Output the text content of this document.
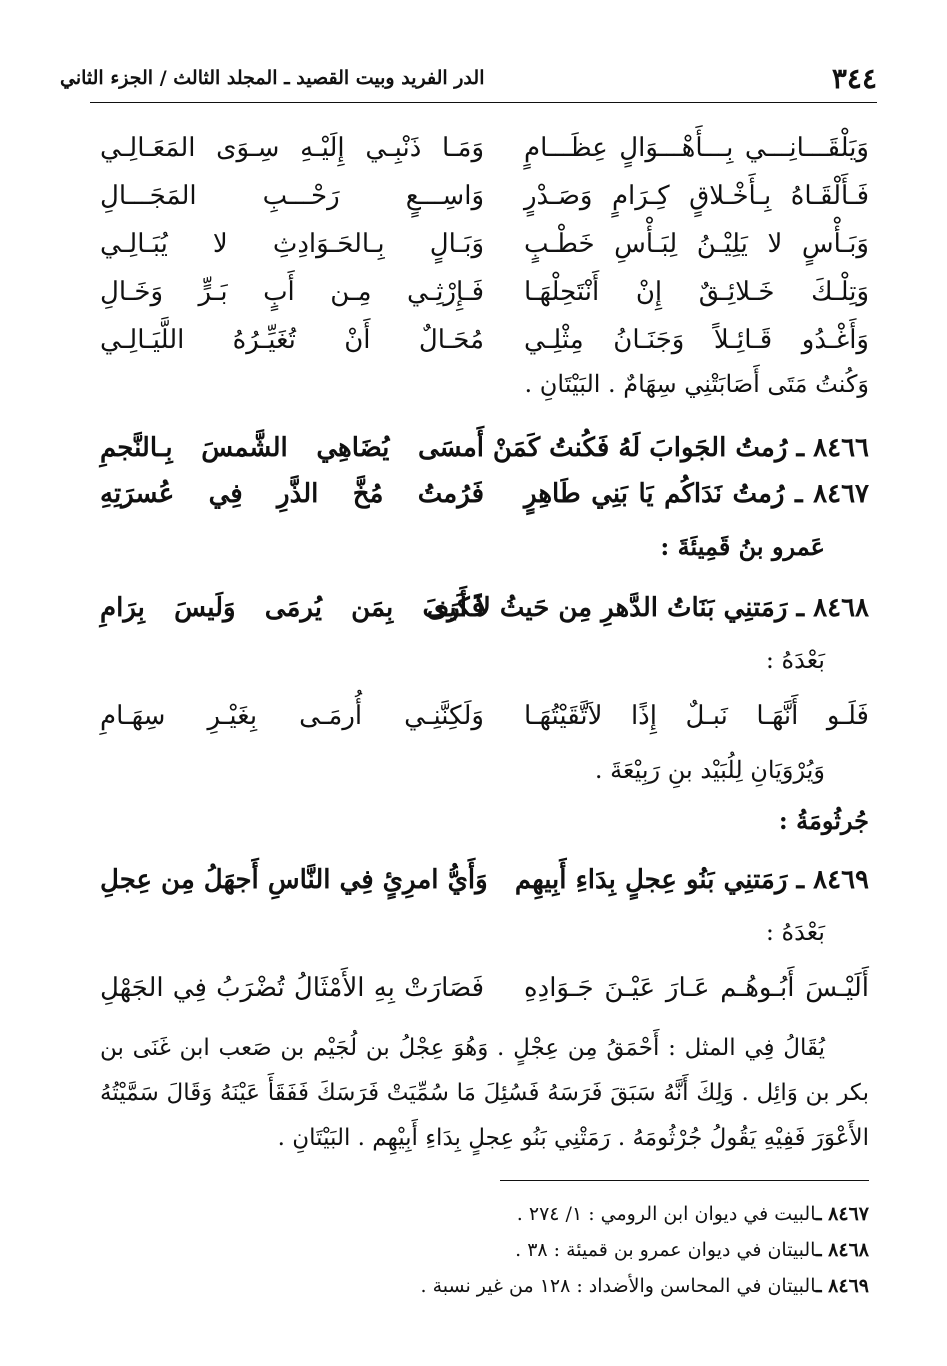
٣٤٤
الدر الفريد وبيت القصيد ـ المجلد الثالث / الجزء الثاني
وَيَلْقَـــانِـــي بِـــأَهْـــوَالٍ عِظَـــامٍ
وَمَـا ذَنْبِـي إِلَيْـهِ سِـوَى المَعَـالِـي
فَـأَلْقَـاهُ بِـأَخْـلاقٍ كِـرَامٍ وَصَـدْرٍ
وَاسِـــعٍ رَحْـــبِ المَجَـــالِ
وَبَـأْسٍ لا يَلِيْـنُ لِبَـأْسِ خَطْـبٍ
وَبَـالٍ بِـالحَـوَادِثِ لا يُبَـالِـي
وَتِلْـكَ خَـلائِـقٌ إِنْ أَنْتَحِلْهَـا
فَـإِرْثِـي مِـن أَبٍ بَـرٍّ وَخَـالِ
وَأَغْـدُو قَـائِـلاً وَجَنَـانُ مِثْلِـي
مُحَـالٌ أَنْ تُغَيِّـرُهُ اللَّيَـالِـي
وَكُنتُ مَتَى أَصَابَتْنِي سِهَامٌ . البَيْتَانِ .
٨٤٦٦ ـ رُمتُ الجَوابَ لَهُ فَكُنتُ كَمَنْ
أَمسَى يُضَاهِي الشَّمسَ بِـالنَّجمِ
٨٤٦٧ ـ رُمتُ نَدَاكُم يَا بَنِي طَاهِرٍ
فَرُمتُ مُخَّ الذَّرِ فِي عُسرَتِهِ
عَمرو بنُ قَمِيئَةَ :
٨٤٦٨ ـ رَمَتنِي بَنَاتُ الدَّهرِ مِن حَيثُ لاَ أَرَى
فَكَيفَ بِمَن يُرمَى وَلَيسَ بِرَامِ
بَعْدَهُ :
فَلَـو أَنَّهَـا نَبـلٌ إِذًا لاَتَّقَيْتُهَـا
وَلَكِنَّنِـي أُرمَـى بِغَيْـرِ سِهَـامِ
وَيُرْوَيَانِ لِلُبَيْد بنِ رَبِيْعَةَ .
جُرثُومَةُ :
٨٤٦٩ ـ رَمَتنِي بَنُو عِجلٍ بِدَاءِ أَبِيهِم
وَأَيُّ امرِئٍ فِي النَّاسِ أَجهَلُ مِن عِجلِ
بَعْدَهُ :
أَلَيْـسَ أَبُـوهُـم عَـارَ عَيْـنَ جَـوَادِهِ
فَصَارَتْ بِهِ الأَمْثَالُ تُضْرَبُ فِي الجَهْلِ

يُقَالُ فِي المثل : أَحْمَقُ مِن عِجْلٍ . وَهُوَ عِجْلُ بن لُجَيْم بن صَعب ابن غَنَى بن

بكر بن وَائِل . وَلِكَ أَنَّهُ سَبَقَ فَرَسَهُ فَسُئِلَ مَا سُمِّيَتْ فَرَسَكَ فَفَقَأَ عَيْنَهُ وَقَالَ سَمَّيْتُهُ

الأَعْوَرَ فَفِيْهِ يَقُولُ جُرْثُومَهُ . رَمَتْنِي بَنُو عِجلٍ بِدَاءِ أَبِيْهِم . البَيْتَانِ .

٨٤٦٧ ـالبيت في ديوان ابن الرومي : ١/ ٢٧٤ .
٨٤٦٨ ـالبيتان في ديوان عمرو بن قميئة : ٣٨ .
٨٤٦٩ ـالبيتان في المحاسن والأضداد : ١٢٨ من غير نسبة .
